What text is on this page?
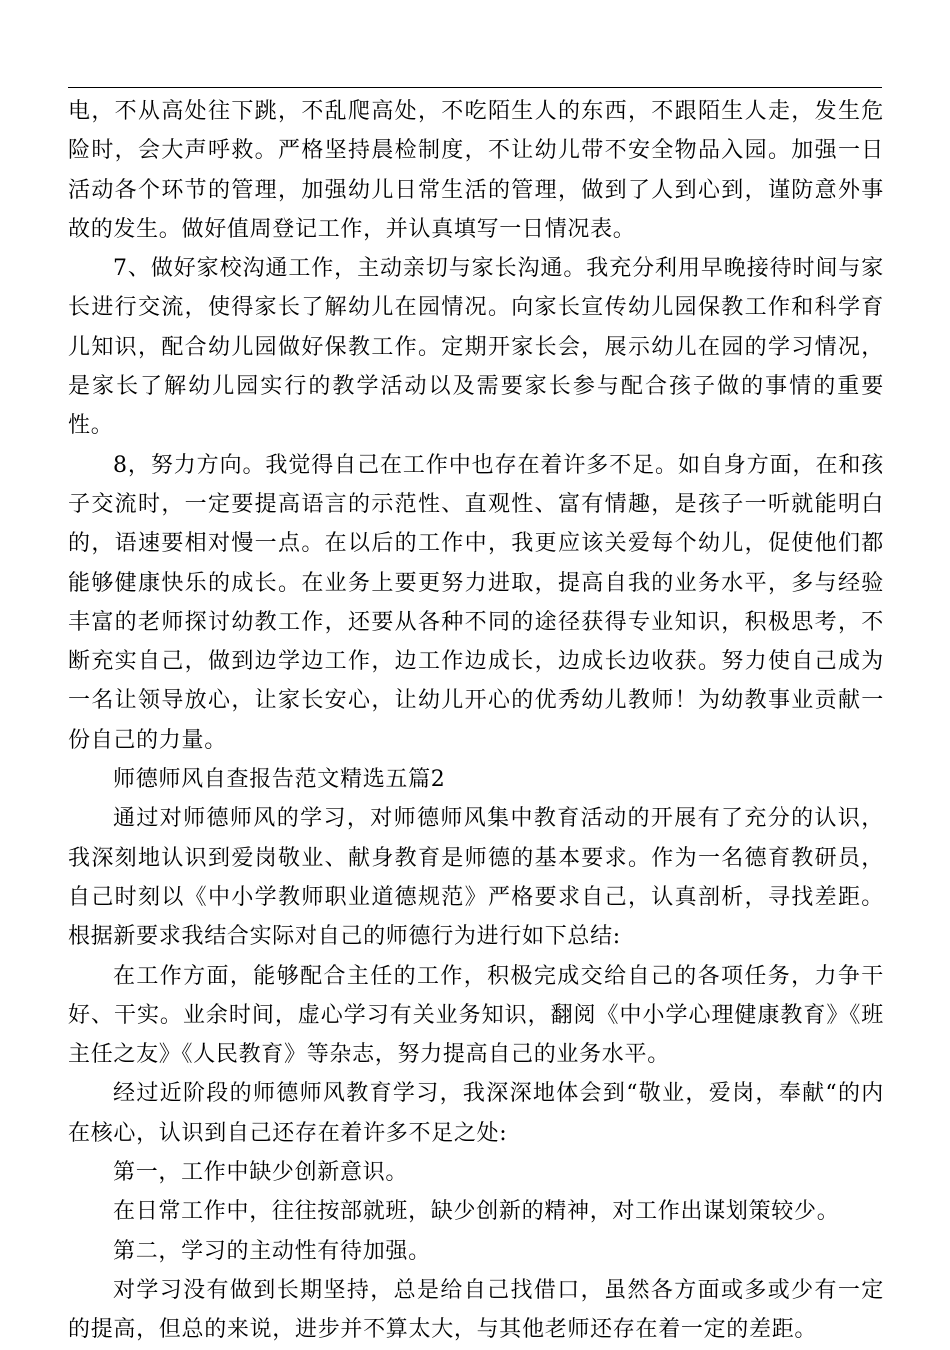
电，不从高处往下跳，不乱爬高处，不吃陌生人的东西，不跟陌生人走，发生危险时，会大声呼救。严格坚持晨检制度，不让幼儿带不安全物品入园。加强一日活动各个环节的管理，加强幼儿日常生活的管理，做到了人到心到，谨防意外事故的发生。做好值周登记工作，并认真填写一日情况表。

7、做好家校沟通工作，主动亲切与家长沟通。我充分利用早晚接待时间与家长进行交流，使得家长了解幼儿在园情况。向家长宣传幼儿园保教工作和科学育儿知识，配合幼儿园做好保教工作。定期开家长会，展示幼儿在园的学习情况，是家长了解幼儿园实行的教学活动以及需要家长参与配合孩子做的事情的重要性。

8，努力方向。我觉得自己在工作中也存在着许多不足。如自身方面，在和孩子交流时，一定要提高语言的示范性、直观性、富有情趣，是孩子一听就能明白的，语速要相对慢一点。在以后的工作中，我更应该关爱每个幼儿，促使他们都能够健康快乐的成长。在业务上要更努力进取，提高自我的业务水平，多与经验丰富的老师探讨幼教工作，还要从各种不同的途径获得专业知识，积极思考，不断充实自己，做到边学边工作，边工作边成长，边成长边收获。努力使自己成为一名让领导放心，让家长安心，让幼儿开心的优秀幼儿教师！为幼教事业贡献一份自己的力量。

师德师风自查报告范文精选五篇2

通过对师德师风的学习，对师德师风集中教育活动的开展有了充分的认识，我深刻地认识到爱岗敬业、献身教育是师德的基本要求。作为一名德育教研员，自己时刻以《中小学教师职业道德规范》严格要求自己，认真剖析，寻找差距。根据新要求我结合实际对自己的师德行为进行如下总结:

在工作方面，能够配合主任的工作，积极完成交给自己的各项任务，力争干好、干实。业余时间，虚心学习有关业务知识，翻阅《中小学心理健康教育》《班主任之友》《人民教育》等杂志，努力提高自己的业务水平。

经过近阶段的师德师风教育学习，我深深地体会到“敬业，爱岗，奉献“的内在核心，认识到自己还存在着许多不足之处:

第一，工作中缺少创新意识。

在日常工作中，往往按部就班，缺少创新的精神，对工作出谋划策较少。

第二，学习的主动性有待加强。

对学习没有做到长期坚持，总是给自己找借口，虽然各方面或多或少有一定的提高，但总的来说，进步并不算太大，与其他老师还存在着一定的差距。
